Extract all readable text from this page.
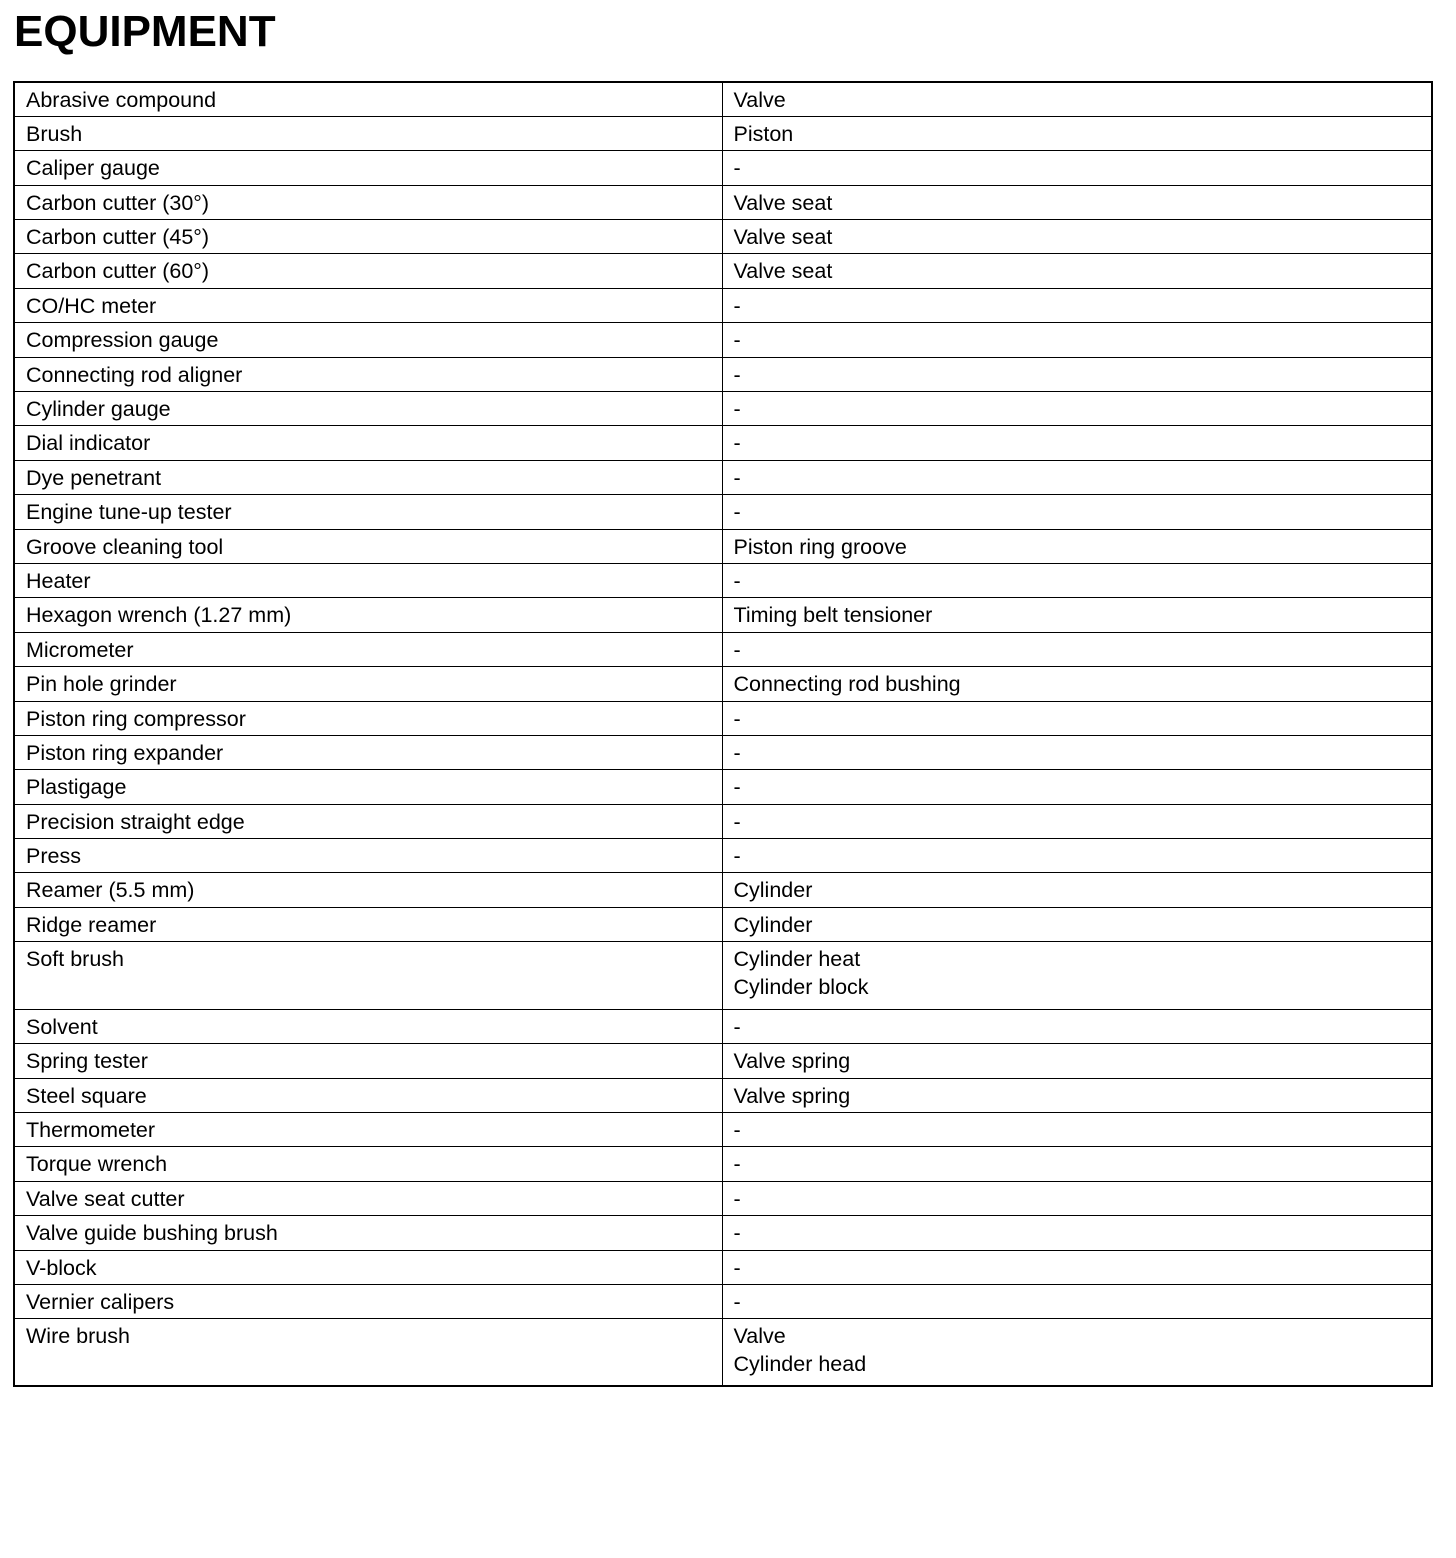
EQUIPMENT
Abrasive compound	Valve

Brush	Piston

Caliper gauge	-

Carbon cutter (30°)	Valve seat

Carbon cutter (45°)	Valve seat

Carbon cutter (60°)	Valve seat

CO/HC meter	-

Compression gauge	-

Connecting rod aligner	-

Cylinder gauge	-

Dial indicator	-

Dye penetrant	-

Engine tune-up tester	-

Groove cleaning tool	Piston ring groove

Heater	-

Hexagon wrench (1.27 mm)	Timing belt tensioner

Micrometer	-

Pin hole grinder	Connecting rod bushing

Piston ring compressor	-

Piston ring expander	-

Plastigage	-

Precision straight edge	-

Press	-

Reamer (5.5 mm)	Cylinder

Ridge reamer	Cylinder

Soft brush	Cylinder heat
Cylinder block

Solvent	-

Spring tester	Valve spring

Steel square	Valve spring

Thermometer	-

Torque wrench	-

Valve seat cutter	-

Valve guide bushing brush	-

V-block	-

Vernier calipers	-

Wire brush	Valve
Cylinder head
